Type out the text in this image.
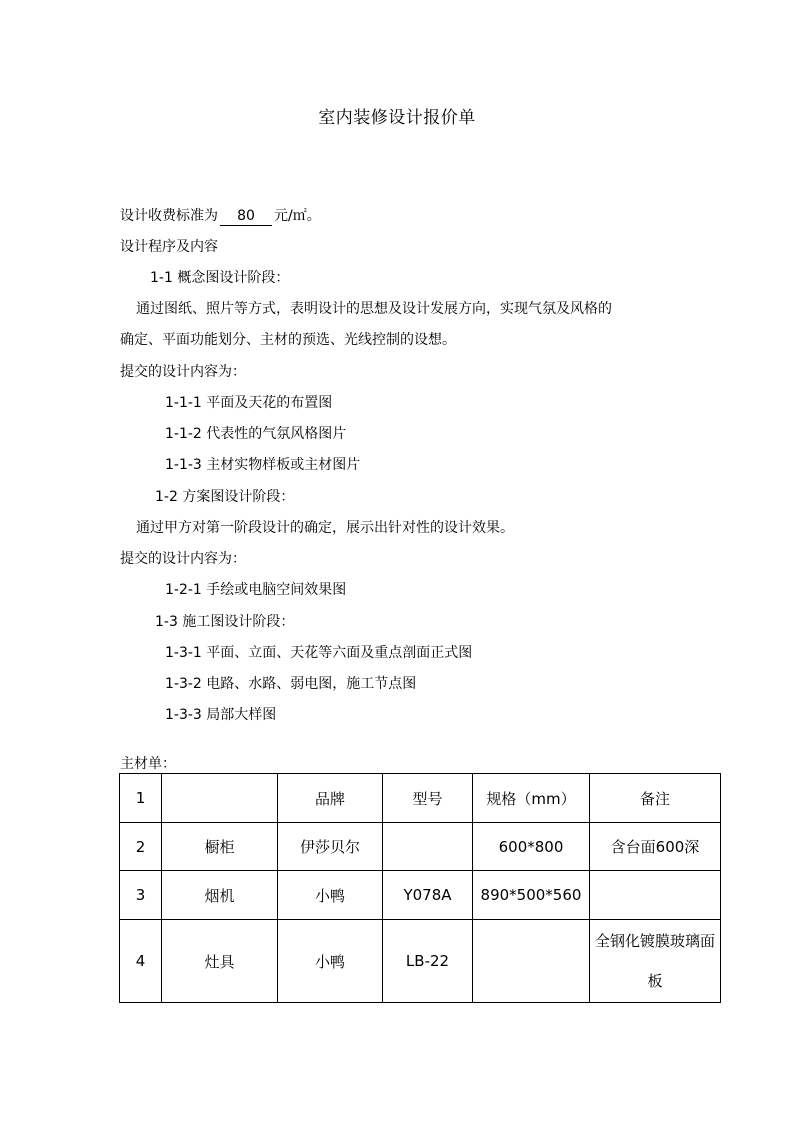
室内装修设计报价单
设计收费标准为 80 元/㎡。
设计程序及内容
1-1 概念图设计阶段：
通过图纸、照片等方式，表明设计的思想及设计发展方向，实现气氛及风格的
确定、平面功能划分、主材的预选、光线控制的设想。
提交的设计内容为：
1-1-1 平面及天花的布置图
1-1-2 代表性的气氛风格图片
1-1-3 主材实物样板或主材图片
1-2 方案图设计阶段：
通过甲方对第一阶段设计的确定，展示出针对性的设计效果。
提交的设计内容为：
1-2-1 手绘或电脑空间效果图
1-3 施工图设计阶段：
1-3-1 平面、立面、天花等六面及重点剖面正式图
1-3-2 电路、水路、弱电图，施工节点图
1-3-3 局部大样图
主材单：
1		品牌	型号	规格（mm）	备注
2	橱柜	伊莎贝尔		600*800	含台面600深
3	烟机	小鸭	Y078A	890*500*560	
4	灶具	小鸭	LB-22		全钢化镀膜玻璃面板
